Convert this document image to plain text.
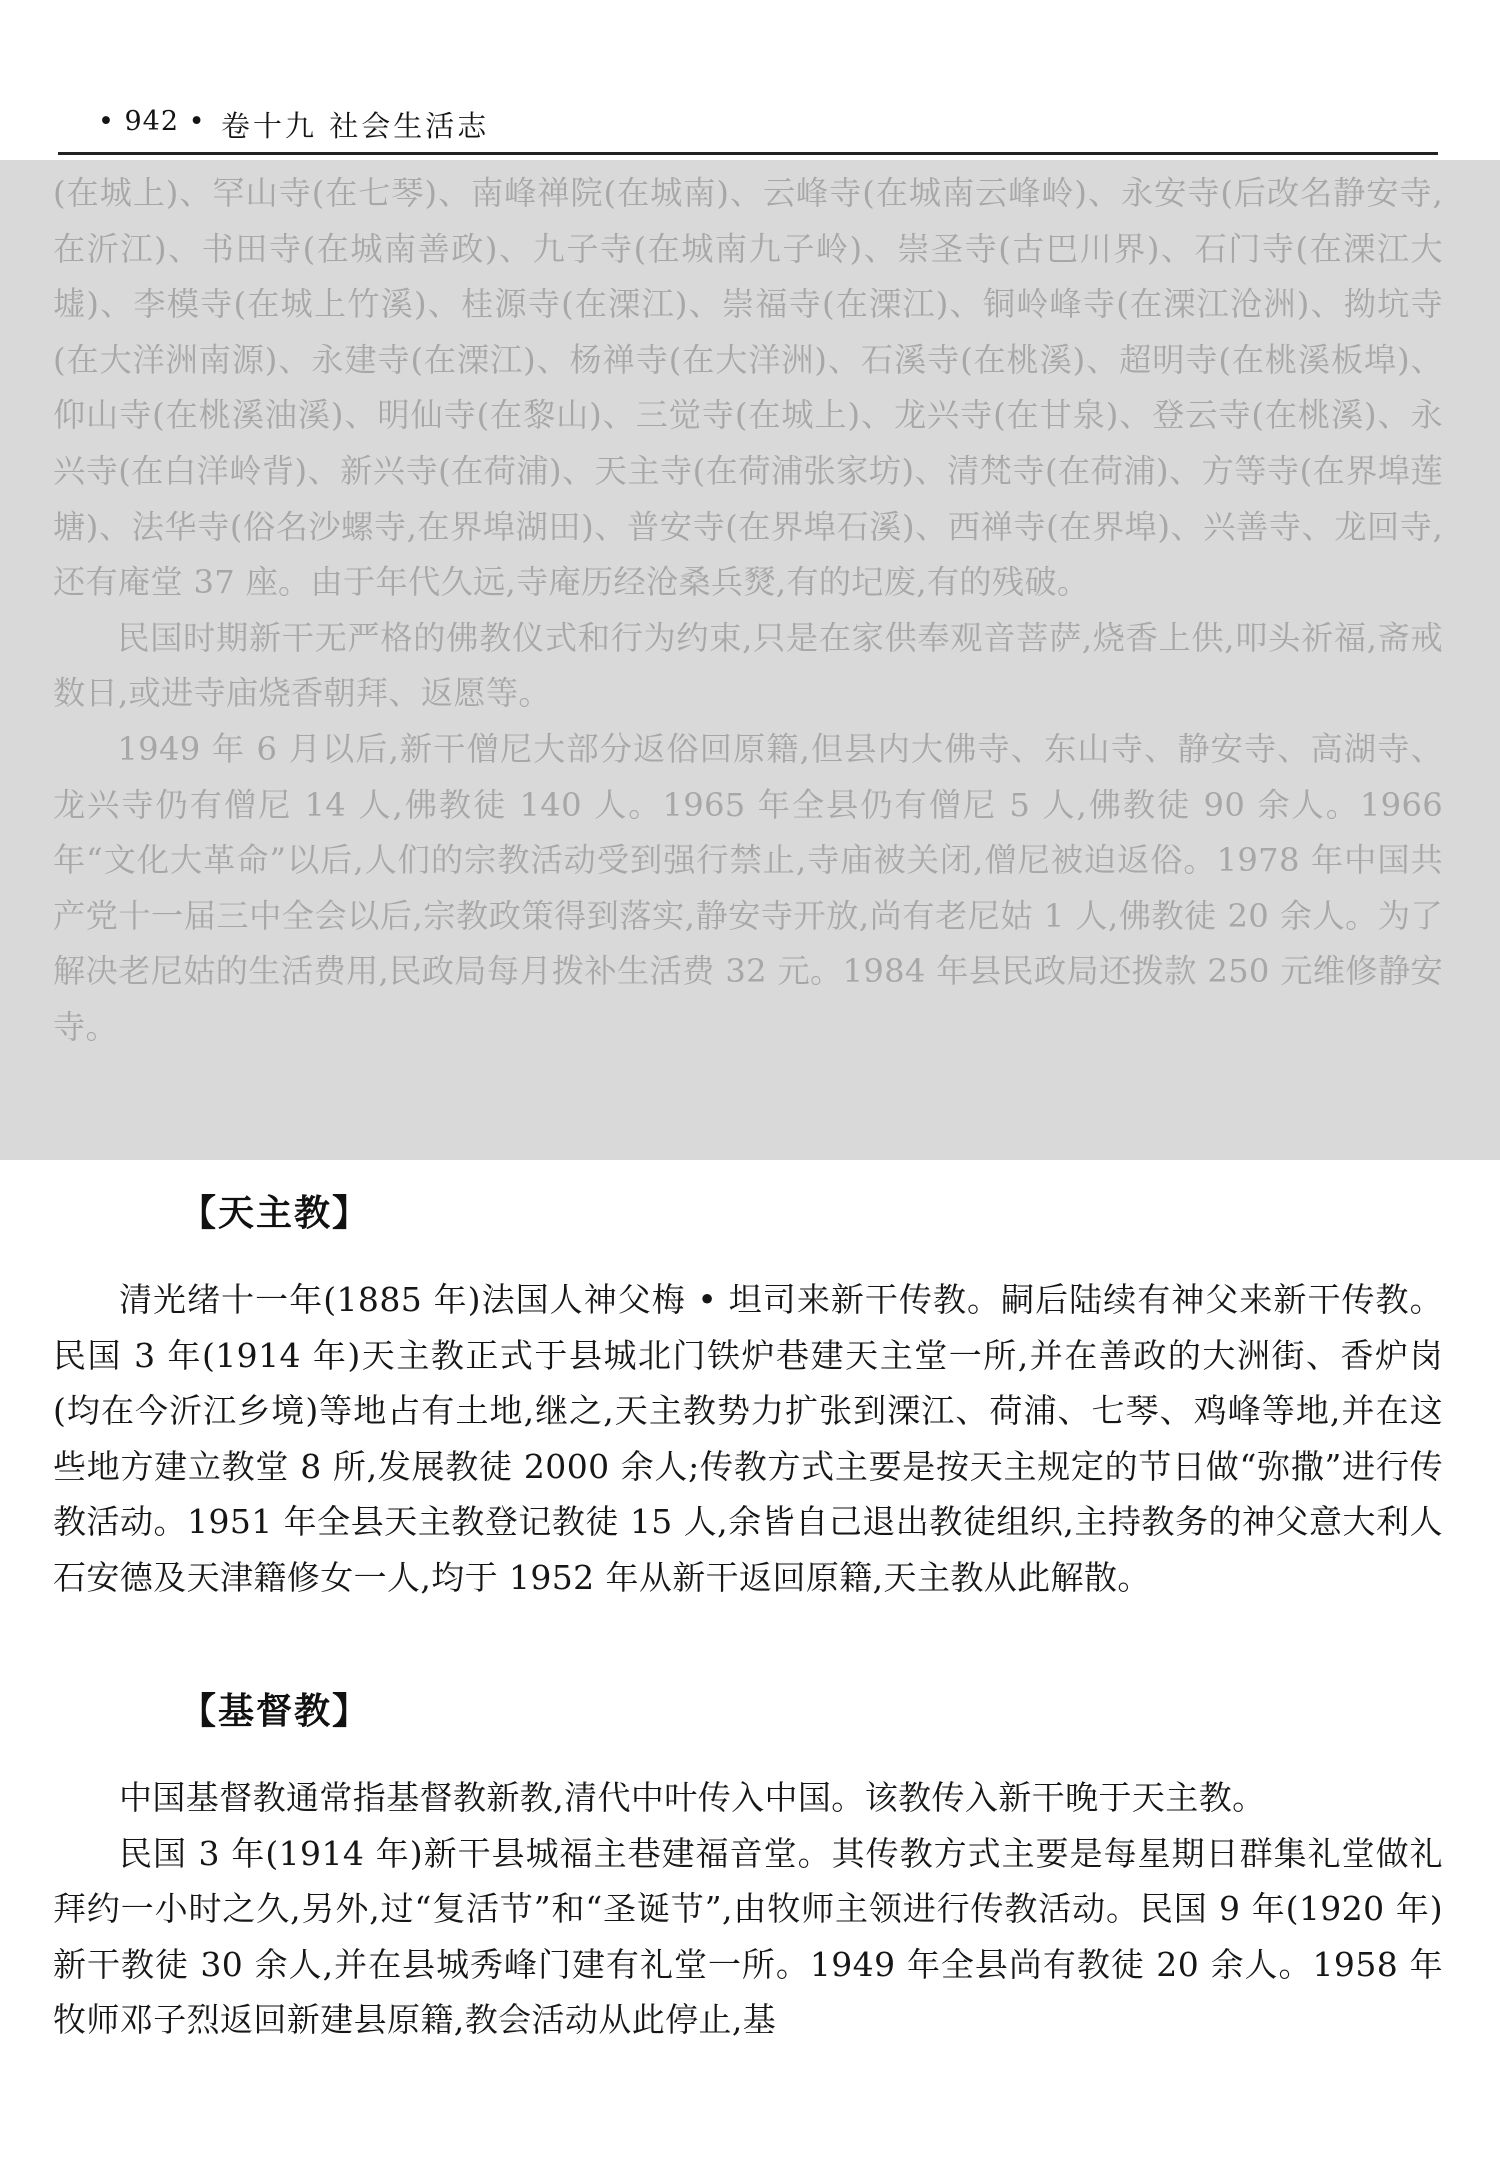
• 942 • 卷十九 社会生活志

(在城上)、罕山寺(在七琴)、南峰禅院(在城南)、云峰寺(在城南云峰岭)、永安寺(后改名静安寺,在沂江)、书田寺(在城南善政)、九子寺(在城南九子岭)、崇圣寺(古巴川界)、石门寺(在溧江大墟)、李模寺(在城上竹溪)、桂源寺(在溧江)、崇福寺(在溧江)、铜岭峰寺(在溧江沧洲)、拗坑寺(在大洋洲南源)、永建寺(在溧江)、杨禅寺(在大洋洲)、石溪寺(在桃溪)、超明寺(在桃溪板埠)、仰山寺(在桃溪油溪)、明仙寺(在黎山)、三觉寺(在城上)、龙兴寺(在甘泉)、登云寺(在桃溪)、永兴寺(在白洋岭背)、新兴寺(在荷浦)、天主寺(在荷浦张家坊)、清梵寺(在荷浦)、方等寺(在界埠莲塘)、法华寺(俗名沙螺寺,在界埠湖田)、普安寺(在界埠石溪)、西禅寺(在界埠)、兴善寺、龙回寺,还有庵堂 37 座。由于年代久远,寺庵历经沧桑兵燹,有的圮废,有的残破。

民国时期新干无严格的佛教仪式和行为约束,只是在家供奉观音菩萨,烧香上供,叩头祈福,斋戒数日,或进寺庙烧香朝拜、返愿等。

1949 年 6 月以后,新干僧尼大部分返俗回原籍,但县内大佛寺、东山寺、静安寺、高湖寺、龙兴寺仍有僧尼 14 人,佛教徒 140 人。1965 年全县仍有僧尼 5 人,佛教徒 90 余人。1966 年“文化大革命”以后,人们的宗教活动受到强行禁止,寺庙被关闭,僧尼被迫返俗。1978 年中国共产党十一届三中全会以后,宗教政策得到落实,静安寺开放,尚有老尼姑 1 人,佛教徒 20 余人。为了解决老尼姑的生活费用,民政局每月拨补生活费 32 元。1984 年县民政局还拨款 250 元维修静安寺。

【天主教】

清光绪十一年(1885 年)法国人神父梅 • 坦司来新干传教。嗣后陆续有神父来新干传教。民国 3 年(1914 年)天主教正式于县城北门铁炉巷建天主堂一所,并在善政的大洲街、香炉岗(均在今沂江乡境)等地占有土地,继之,天主教势力扩张到溧江、荷浦、七琴、鸡峰等地,并在这些地方建立教堂 8 所,发展教徒 2000 余人;传教方式主要是按天主规定的节日做“弥撒”进行传教活动。1951 年全县天主教登记教徒 15 人,余皆自己退出教徒组织,主持教务的神父意大利人石安德及天津籍修女一人,均于 1952 年从新干返回原籍,天主教从此解散。

【基督教】

中国基督教通常指基督教新教,清代中叶传入中国。该教传入新干晚于天主教。

民国 3 年(1914 年)新干县城福主巷建福音堂。其传教方式主要是每星期日群集礼堂做礼拜约一小时之久,另外,过“复活节”和“圣诞节”,由牧师主领进行传教活动。民国 9 年(1920 年)新干教徒 30 余人,并在县城秀峰门建有礼堂一所。1949 年全县尚有教徒 20 余人。1958 年牧师邓子烈返回新建县原籍,教会活动从此停止,基
